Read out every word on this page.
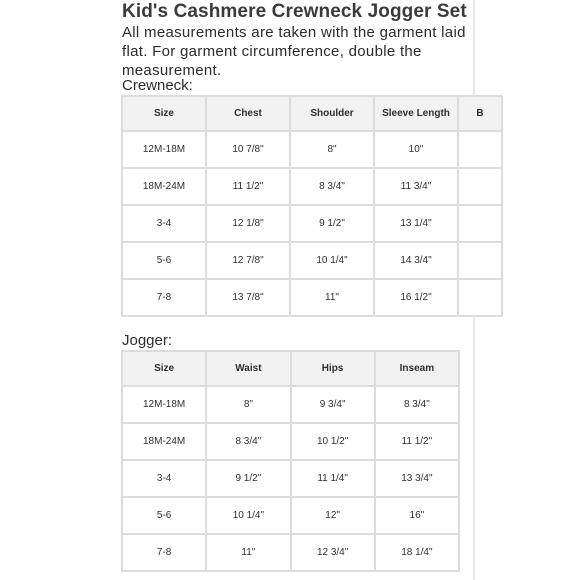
Kid's Cashmere Crewneck Jogger Set
All measurements are taken with the garment laid flat. For garment circumference, double the measurement.
Crewneck:
Size	Chest	Shoulder	Sleeve Length	B
12M-18M	10 7/8"	8"	10"	
18M-24M	11 1/2"	8 3/4"	11 3/4"	
3-4	12 1/8"	9 1/2"	13 1/4"	
5-6	12 7/8"	10 1/4"	14 3/4"	
7-8	13 7/8"	11"	16 1/2"	
Jogger:
Size	Waist	Hips	Inseam
12M-18M	8"	9 3/4"	8 3/4"
18M-24M	8 3/4"	10 1/2"	11 1/2"
3-4	9 1/2"	11 1/4"	13 3/4"
5-6	10 1/4"	12"	16"
7-8	11"	12 3/4"	18 1/4"
